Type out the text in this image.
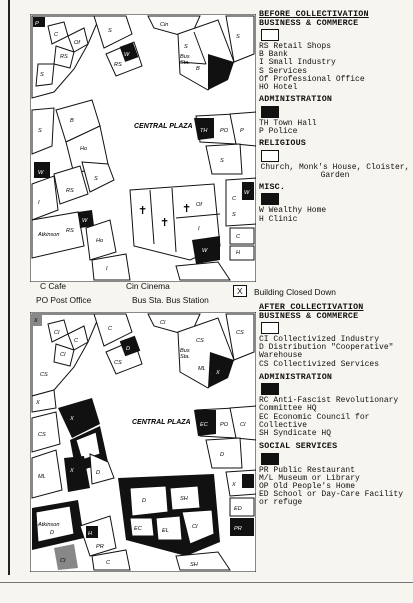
CENTRAL PLAZA
P
C
Of
RS
S
S
RS
W
Cin
S
B
Bus
Sta.
S
S
B
Ho
W
RS
S
I
TH PO P
S
C
W
S
C
H
Atkinson
RS
W
Ho
I
Of
I
W
✝
✝
✝
C Cafe	Cin Cinema
PO Post Office	Bus Sta. Bus Station
X	Building Closed Down
CENTRAL PLAZA
X
CI
C
CI
CS
C
CS
D
Cl
CS
Bus
Sta.
ML
X
CS
X
X
CS
RC
ML
X	D
EC PO CI
D
X
ED
PR
D	SH
EC	EL
CI
Atkinson
D	H
PR
C
CI
SH
BEFORE COLLECTIVATION
BUSINESS & COMMERCE
RS Retail Shops
B Bank
I Small Industry
S Services
Of Professional Office
HO Hotel
ADMINISTRATION
TH Town Hall
P Police
RELIGIOUS
Church, Monk's House, Cloister, Garden
MISC.
W Wealthy Home
H Clinic
AFTER COLLECTIVATION
BUSINESS & COMMERCE
CI Collectivized Industry
D Distribution "Cooperative" Warehouse
CS Collectivized Services
ADMINISTRATION
RC Anti-Fascist Revolutionary Committee HQ
EC Economic Council for Collective
SH Syndicate HQ
SOCIAL SERVICES
PR Public Restaurant
M/L Museum or Library
OP Old People's Home
ED School or Day-Care Facility or refuge
